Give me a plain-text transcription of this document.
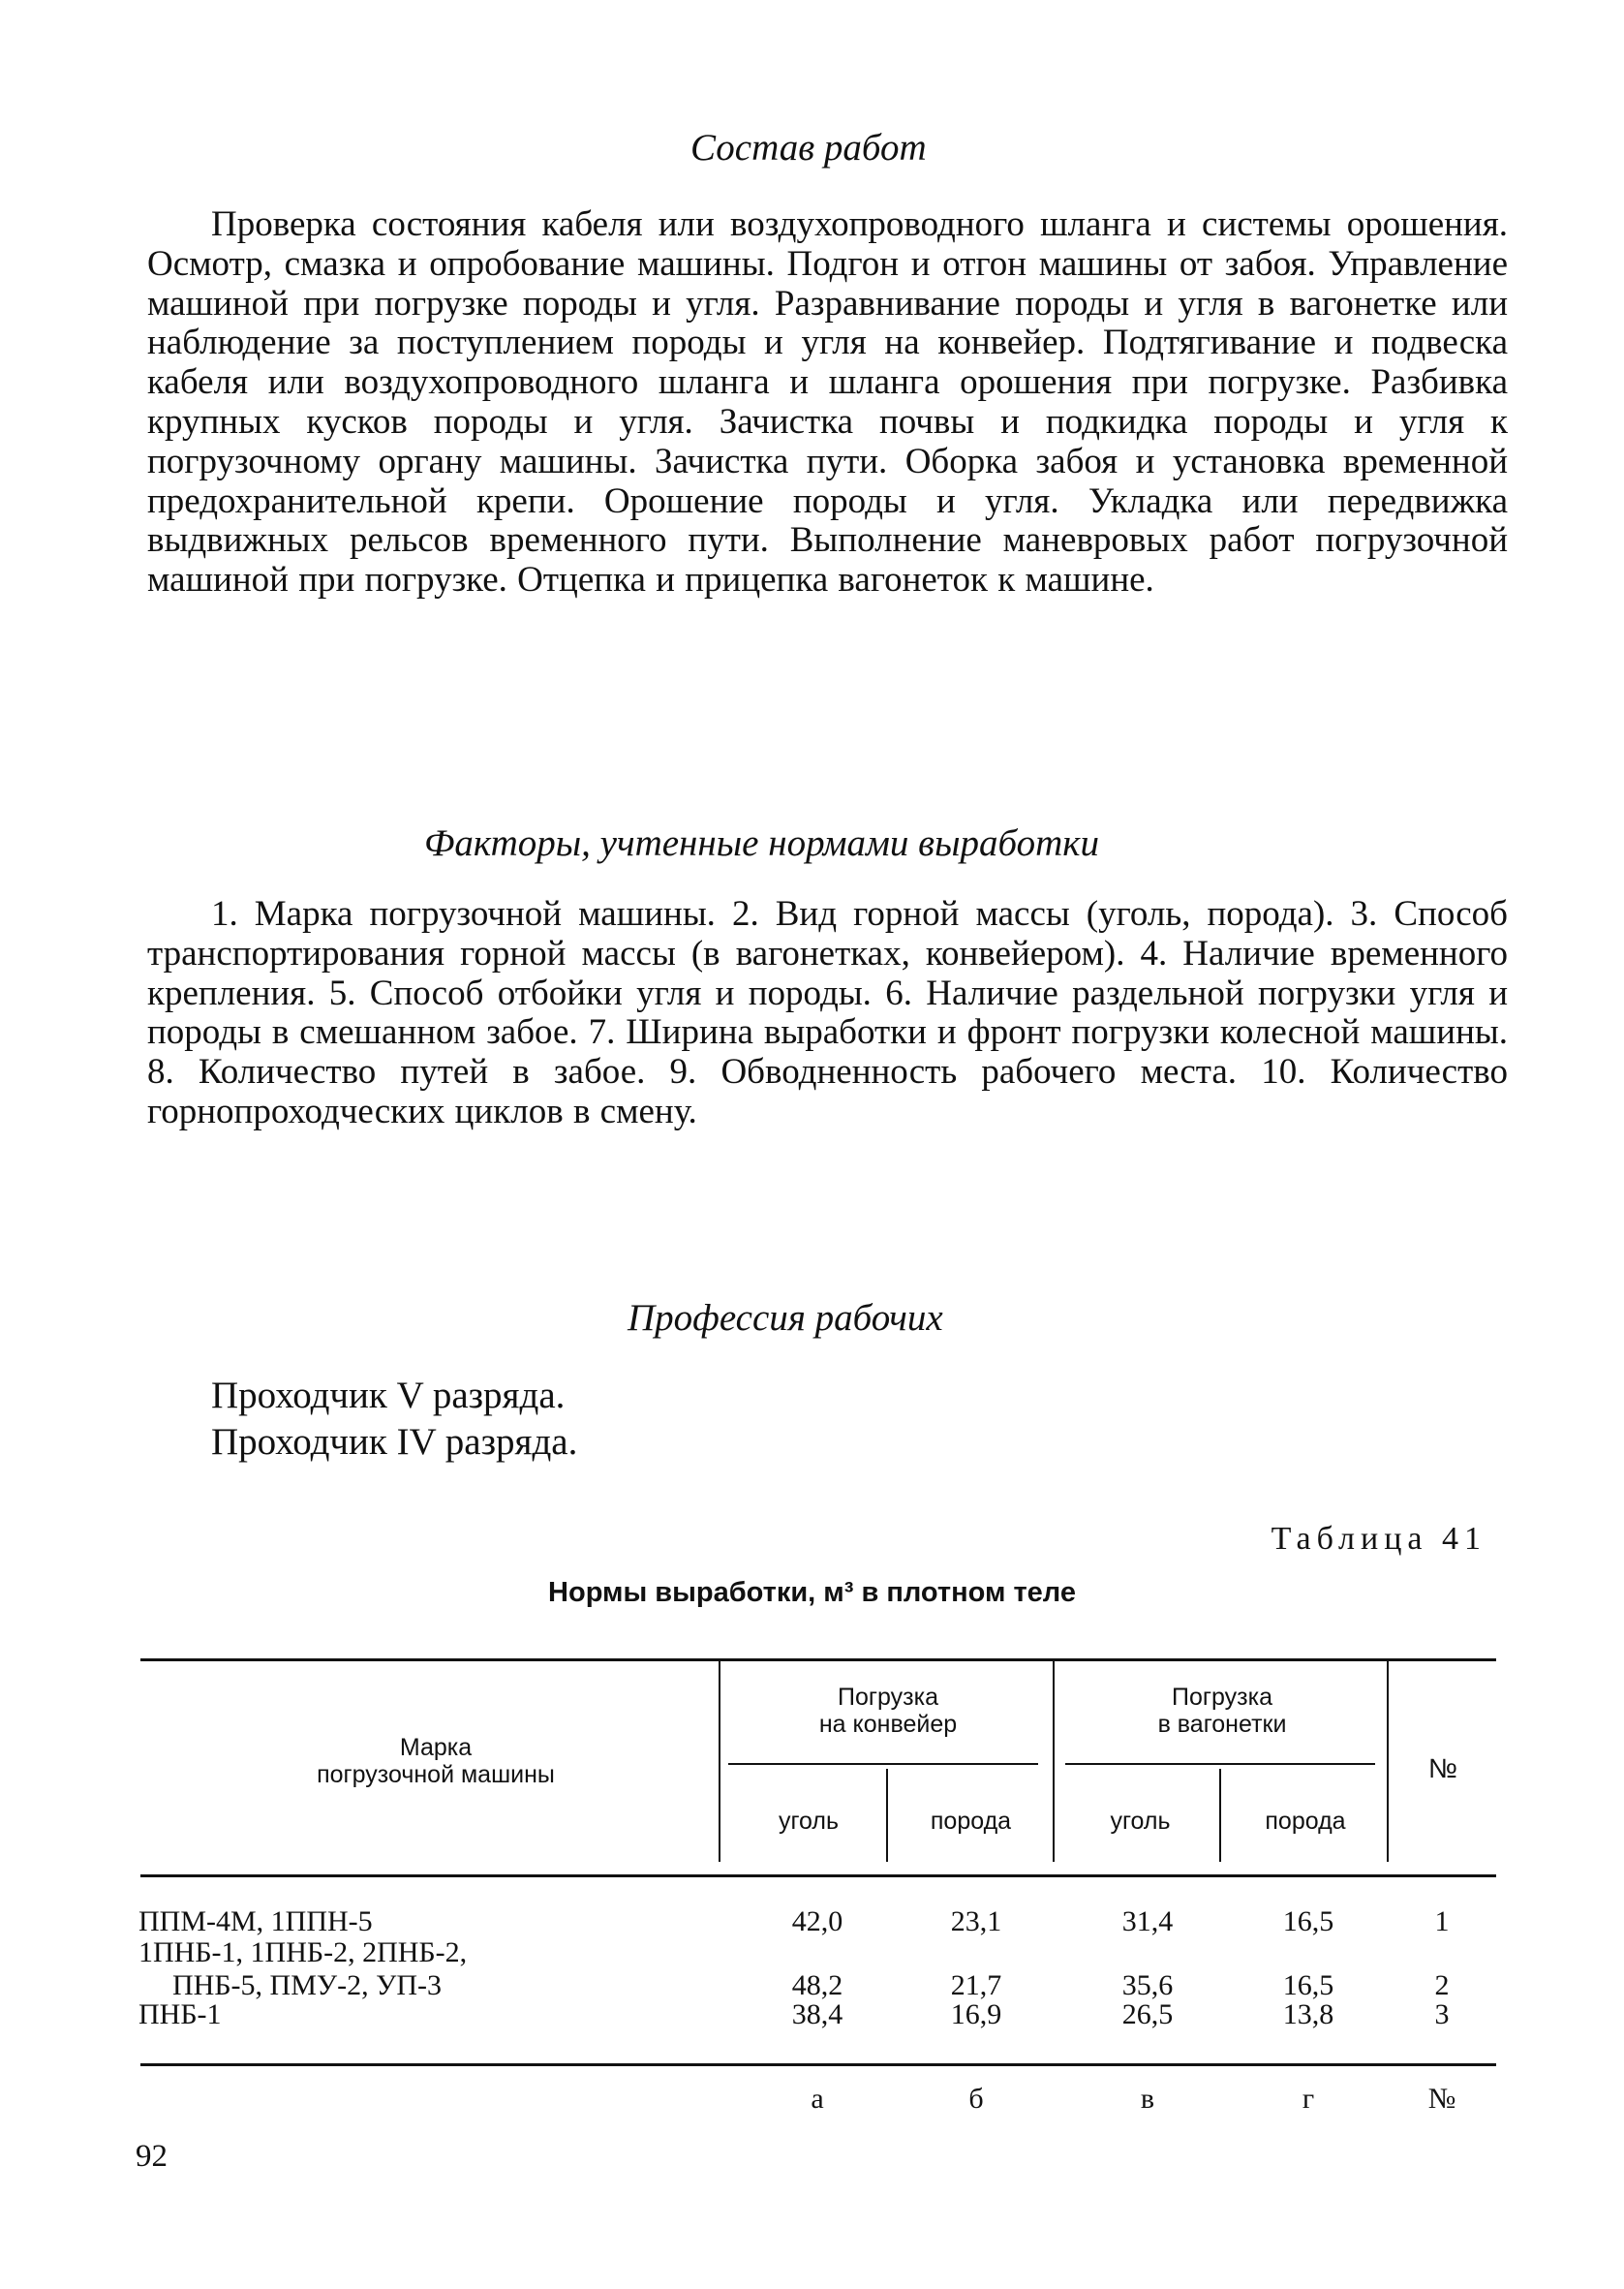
Состав работ
Проверка состояния кабеля или воздухопроводного шланга и системы орошения. Осмотр, смазка и опробование машины. Подгон и отгон машины от забоя. Управление машиной при погрузке породы и угля. Разравнивание породы и угля в вагонетке или наблюдение за поступлением породы и угля на конвейер. Подтягивание и подвеска кабеля или воздухопроводного шланга и шланга орошения при погрузке. Разбивка крупных кусков породы и угля. Зачистка почвы и подкидка породы и угля к погрузочному органу машины. Зачистка пути. Оборка забоя и установка временной предохранительной крепи. Орошение породы и угля. Укладка или передвижка выдвижных рельсов временного пути. Выполнение маневровых работ погрузочной машиной при погрузке. Отцепка и прицепка вагонеток к машине.
Факторы, учтенные нормами выработки
1. Марка погрузочной машины. 2. Вид горной массы (уголь, порода). 3. Способ транспортирования горной массы (в вагонетках, конвейером). 4. Наличие временного крепления. 5. Способ отбойки угля и породы. 6. Наличие раздельной погрузки угля и породы в смешанном забое. 7. Ширина выработки и фронт погрузки колесной машины. 8. Количество путей в забое. 9. Обводненность рабочего места. 10. Количество горнопроходческих циклов в смену.
Профессия рабочих
Проходчик V разряда.
Проходчик IV разряда.
Таблица 41
Нормы выработки, м³ в плотном теле
Марка
погрузочной машины
Погрузка
на конвейер
Погрузка
в вагонетки
уголь	порода	уголь	порода
№
ППМ-4М, 1ППН-5	42,0	23,1	31,4	16,5	1
1ПНБ-1, 1ПНБ-2, 2ПНБ-2,
ПНБ-5, ПМУ-2, УП-3	48,2	21,7	35,6	16,5	2
ПНБ-1	38,4	16,9	26,5	13,8	3
а	б	в	г	№
92
